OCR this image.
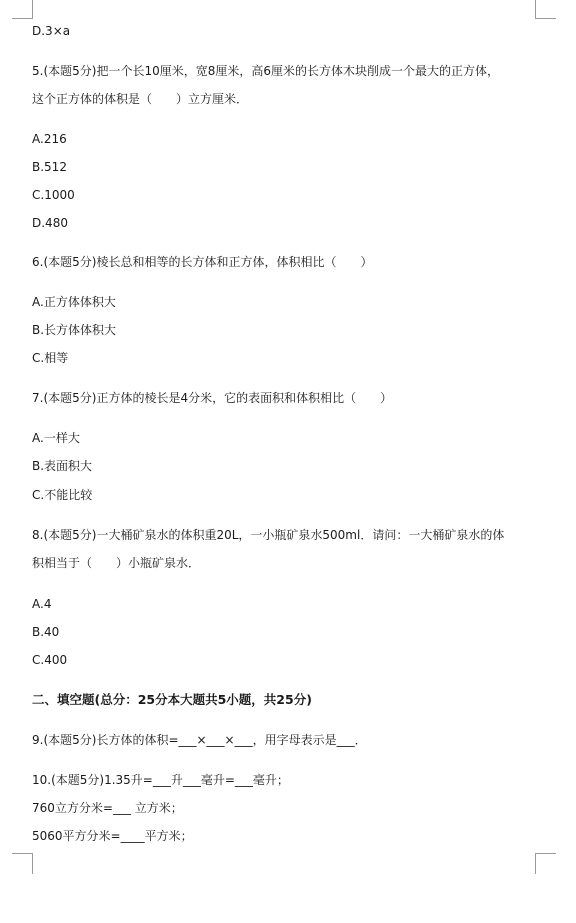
D.3×a
5.(本题5分)把一个长10厘米，宽8厘米，高6厘米的长方体木块削成一个最大的正方体，
这个正方体的体积是（　　）立方厘米．
A.216
B.512
C.1000
D.480
6.(本题5分)棱长总和相等的长方体和正方体，体积相比（　　）
A.正方体体积大
B.长方体体积大
C.相等
7.(本题5分)正方体的棱长是4分米，它的表面积和体积相比（　　）
A.一样大
B.表面积大
C.不能比较
8.(本题5分)一大桶矿泉水的体积重20L，一小瓶矿泉水500ml．请问：一大桶矿泉水的体
积相当于（　　）小瓶矿泉水．
A.4
B.40
C.400
二、填空题(总分：25分本大题共5小题，共25分)
9.(本题5分)长方体的体积=___×___×___，用字母表示是___．
10.(本题5分)1.35升=___升___毫升=___毫升；
760立方分米=___ 立方米；
5060平方分米=____平方米；
